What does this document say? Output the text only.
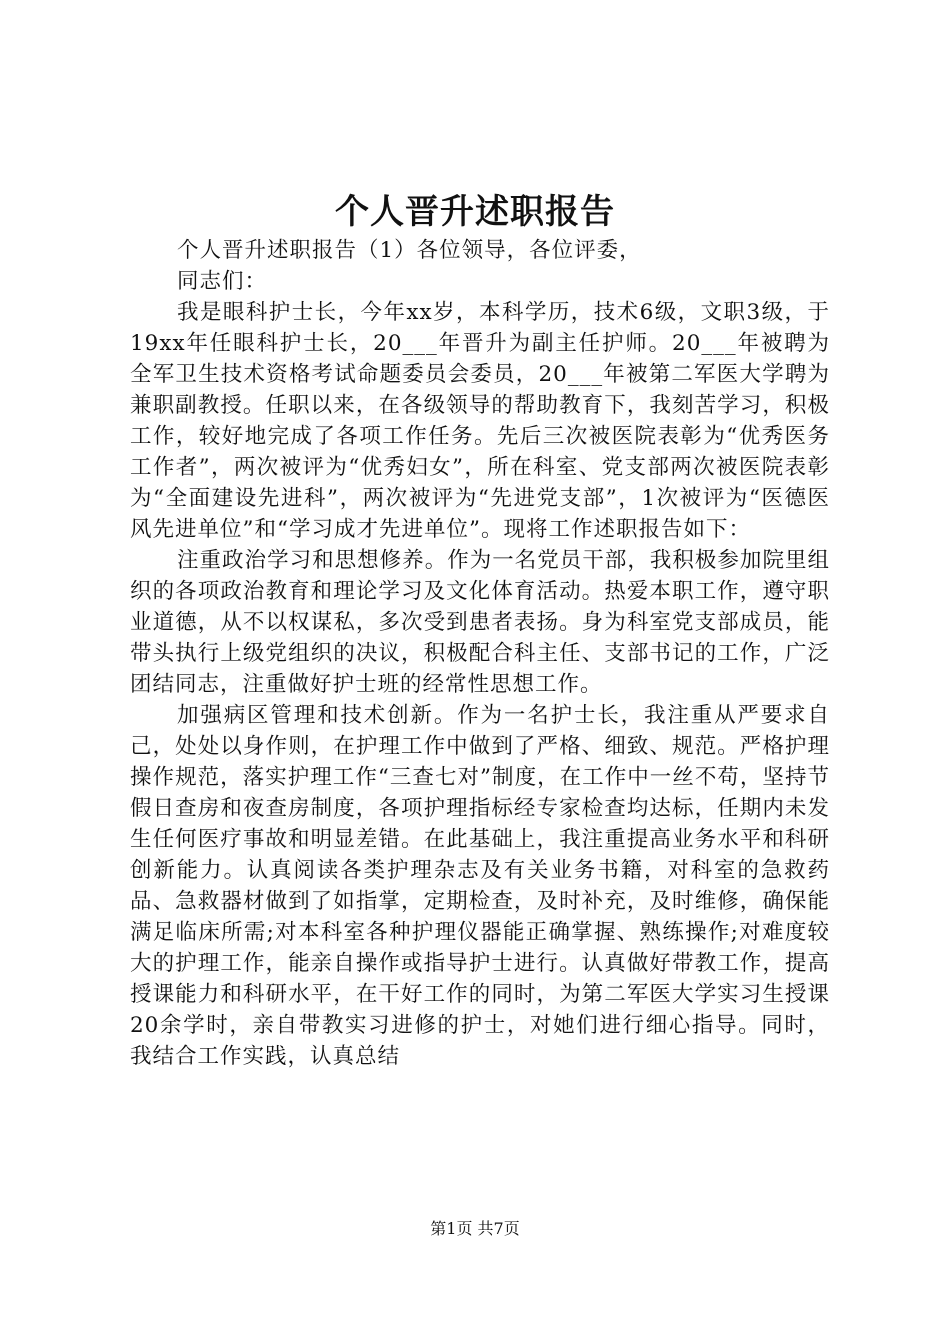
个人晋升述职报告

个人晋升述职报告（1）各位领导，各位评委，

同志们：

我是眼科护士长，今年xx岁，本科学历，技术6级，文职3级，于19xx年任眼科护士长，20___年晋升为副主任护师。20___年被聘为全军卫生技术资格考试命题委员会委员，20___年被第二军医大学聘为兼职副教授。任职以来，在各级领导的帮助教育下，我刻苦学习，积极工作，较好地完成了各项工作任务。先后三次被医院表彰为“优秀医务工作者”，两次被评为“优秀妇女”，所在科室、党支部两次被医院表彰为“全面建设先进科”，两次被评为“先进党支部”，1次被评为“医德医风先进单位”和“学习成才先进单位”。现将工作述职报告如下：

注重政治学习和思想修养。作为一名党员干部，我积极参加院里组织的各项政治教育和理论学习及文化体育活动。热爱本职工作，遵守职业道德，从不以权谋私，多次受到患者表扬。身为科室党支部成员，能带头执行上级党组织的决议，积极配合科主任、支部书记的工作，广泛团结同志，注重做好护士班的经常性思想工作。

加强病区管理和技术创新。作为一名护士长，我注重从严要求自己，处处以身作则，在护理工作中做到了严格、细致、规范。严格护理操作规范，落实护理工作“三查七对”制度，在工作中一丝不苟，坚持节假日查房和夜查房制度，各项护理指标经专家检查均达标，任期内未发生任何医疗事故和明显差错。在此基础上，我注重提高业务水平和科研创新能力。认真阅读各类护理杂志及有关业务书籍，对科室的急救药品、急救器材做到了如指掌，定期检查，及时补充，及时维修，确保能满足临床所需;对本科室各种护理仪器能正确掌握、熟练操作;对难度较大的护理工作，能亲自操作或指导护士进行。认真做好带教工作，提高授课能力和科研水平，在干好工作的同时，为第二军医大学实习生授课20余学时，亲自带教实习进修的护士，对她们进行细心指导。同时，我结合工作实践，认真总结

第1页 共7页
